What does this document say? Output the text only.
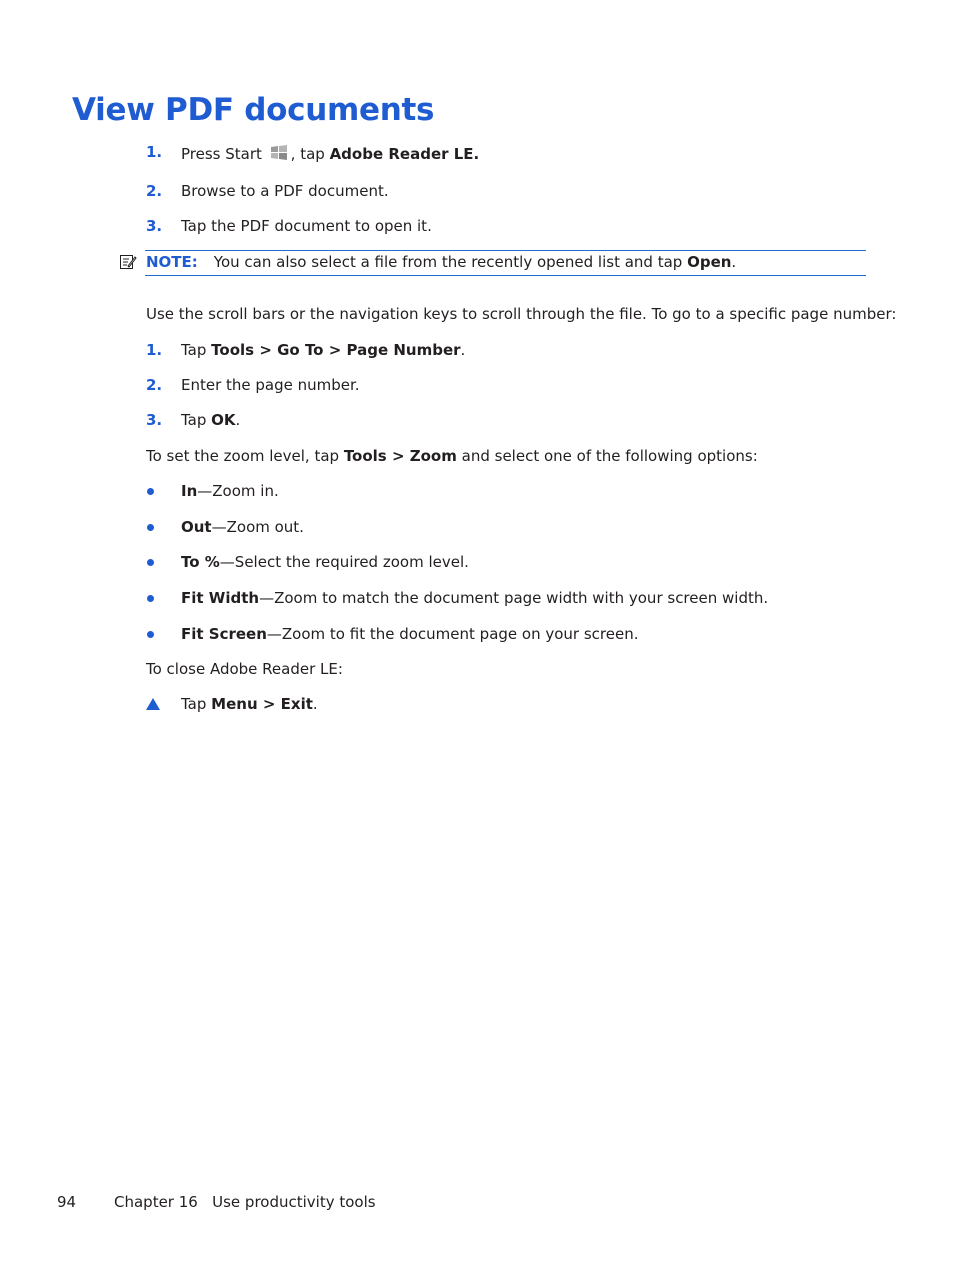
View PDF documents
1. Press Start , tap Adobe Reader LE.
2. Browse to a PDF document.
3. Tap the PDF document to open it.
NOTE: You can also select a file from the recently opened list and tap Open.
Use the scroll bars or the navigation keys to scroll through the file. To go to a specific page number:
1. Tap Tools > Go To > Page Number.
2. Enter the page number.
3. Tap OK.
To set the zoom level, tap Tools > Zoom and select one of the following options:
In—Zoom in.
Out—Zoom out.
To %—Select the required zoom level.
Fit Width—Zoom to match the document page width with your screen width.
Fit Screen—Zoom to fit the document page on your screen.
To close Adobe Reader LE:
Tap Menu > Exit.
94	Chapter 16   Use productivity tools
